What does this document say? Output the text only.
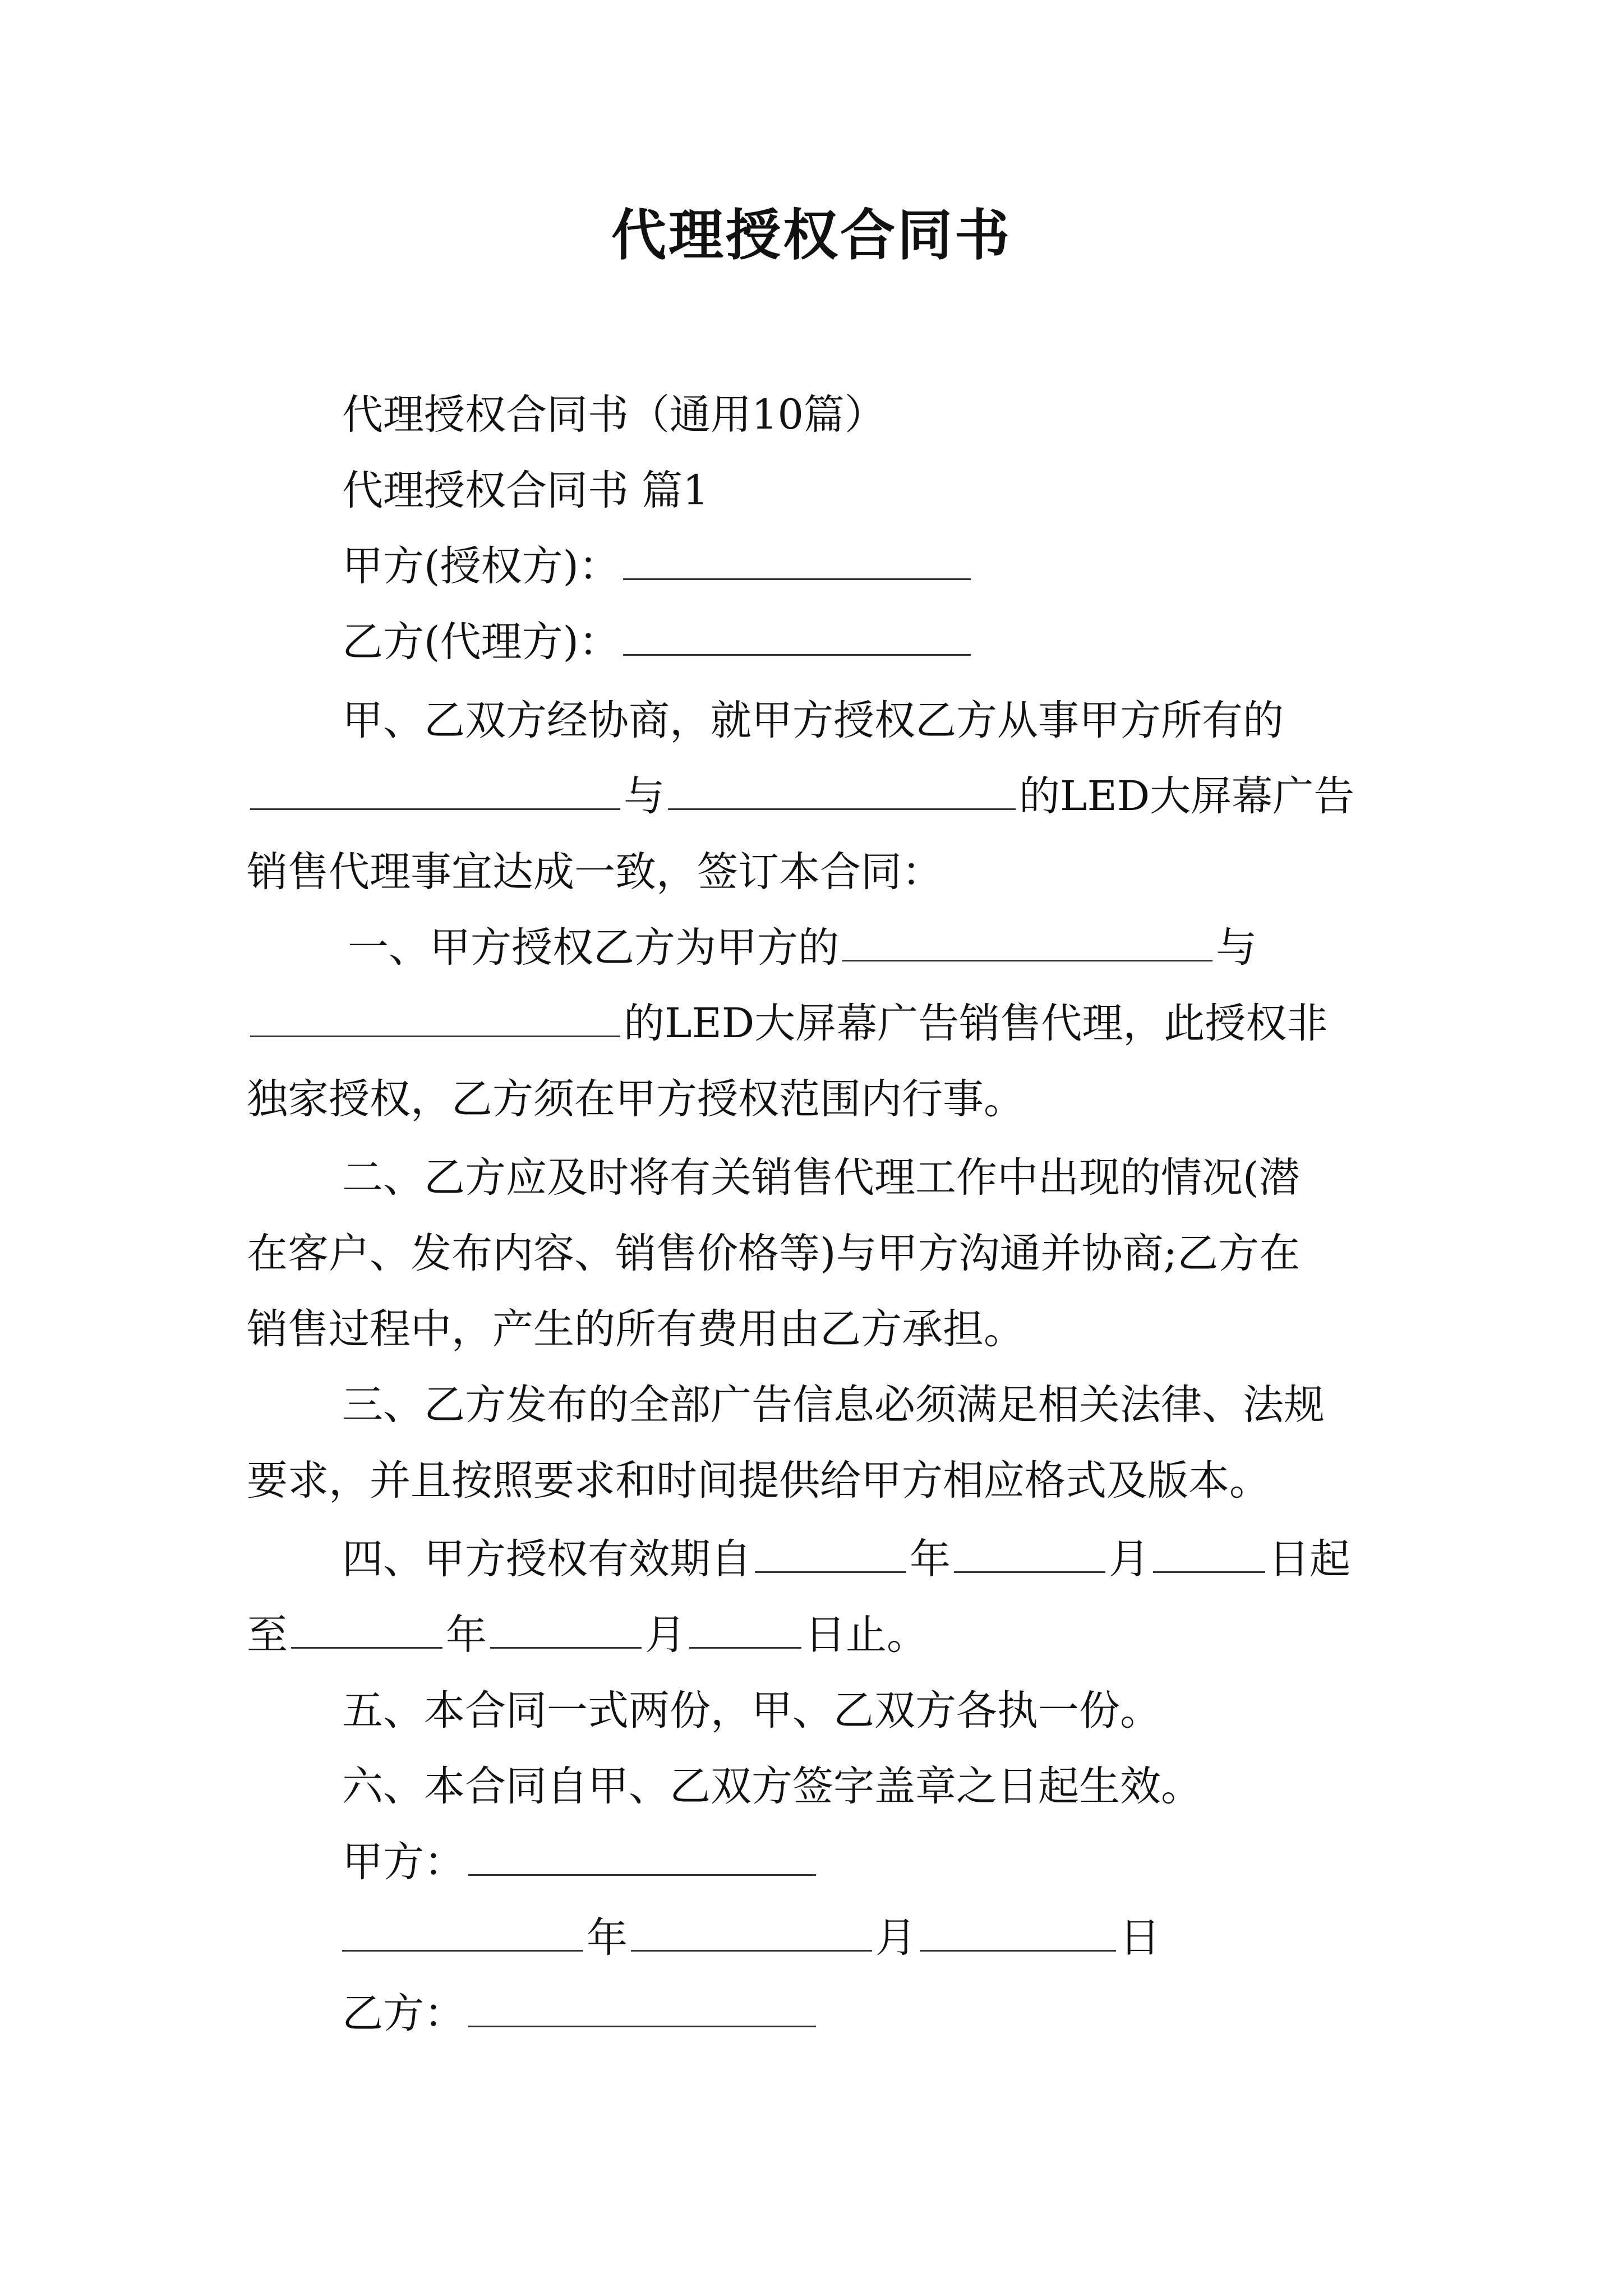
代理授权合同书
代理授权合同书（通用10篇）
代理授权合同书 篇1
甲方(授权方)：
乙方(代理方)：
甲、乙双方经协商，就甲方授权乙方从事甲方所有的
与	的LED大屏幕广告
销售代理事宜达成一致，签订本合同：
一、甲方授权乙方为甲方的	与
的LED大屏幕广告销售代理，此授权非
独家授权，乙方须在甲方授权范围内行事。
二、乙方应及时将有关销售代理工作中出现的情况(潜
在客户、发布内容、销售价格等)与甲方沟通并协商;乙方在
销售过程中，产生的所有费用由乙方承担。
三、乙方发布的全部广告信息必须满足相关法律、法规
要求，并且按照要求和时间提供给甲方相应格式及版本。
四、甲方授权有效期自	年	月	日起
至	年	月	日止。
五、本合同一式两份，甲、乙双方各执一份。
六、本合同自甲、乙双方签字盖章之日起生效。
甲方：
年	月	日
乙方：
